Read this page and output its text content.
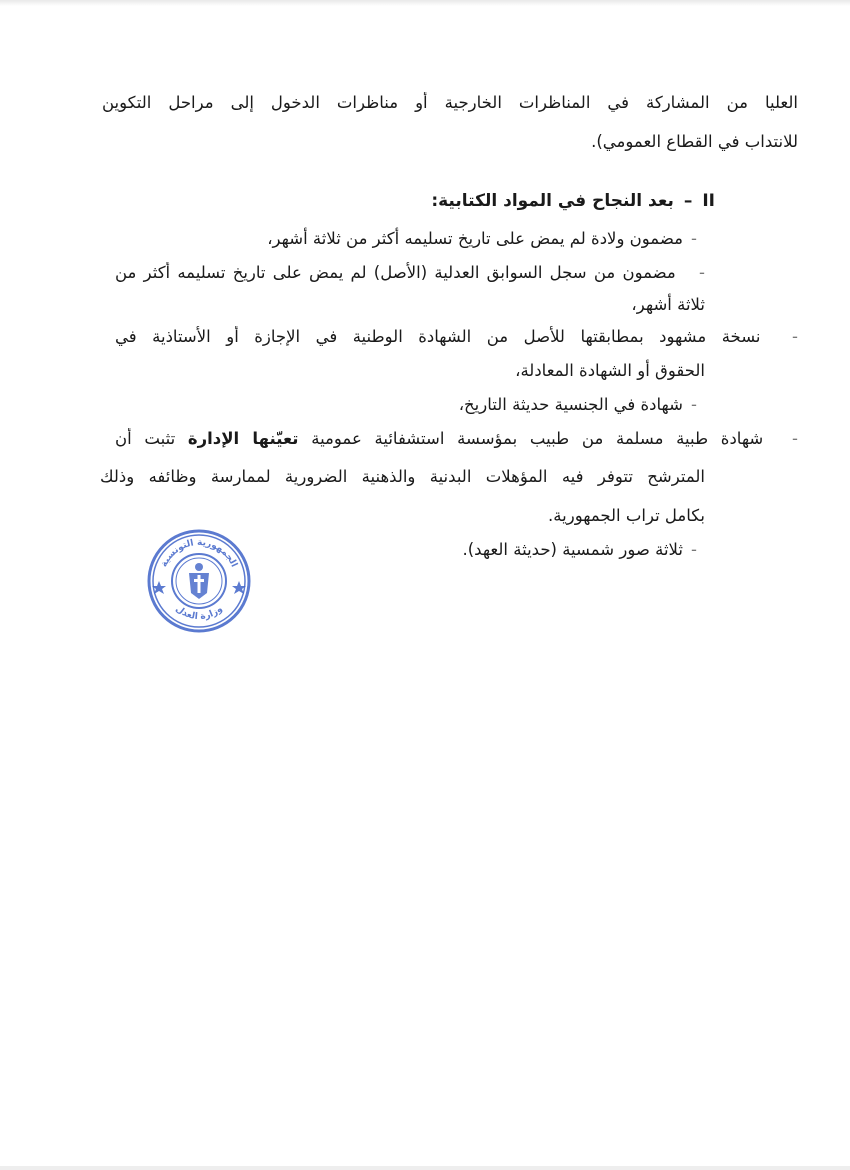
العليا من المشاركة في المناظرات الخارجية أو مناظرات الدخول إلى مراحل التكوين

للانتداب في القطاع العمومي).

II–بعد النجاح في المواد الكتابية:

-مضمون ولادة لم يمض على تاريخ تسليمه أكثر من ثلاثة أشهر،

- مضمون من سجل السوابق العدلية (الأصل) لم يمض على تاريخ تسليمه أكثر من

ثلاثة أشهر،

- نسخة مشهود بمطابقتها للأصل من الشهادة الوطنية في الإجازة أو الأستاذية في

الحقوق أو الشهادة المعادلة،

-شهادة في الجنسية حديثة التاريخ،

- شهادة طبية مسلمة من طبيب بمؤسسة استشفائية عمومية تعيّنها الإدارة تثبت أن

المترشح تتوفر فيه المؤهلات البدنية والذهنية الضرورية لممارسة وظائفه وذلك

بكامل تراب الجمهورية.

-ثلاثة صور شمسية (حديثة العهد).

الجمهورية التونسية
وزارة العدل
